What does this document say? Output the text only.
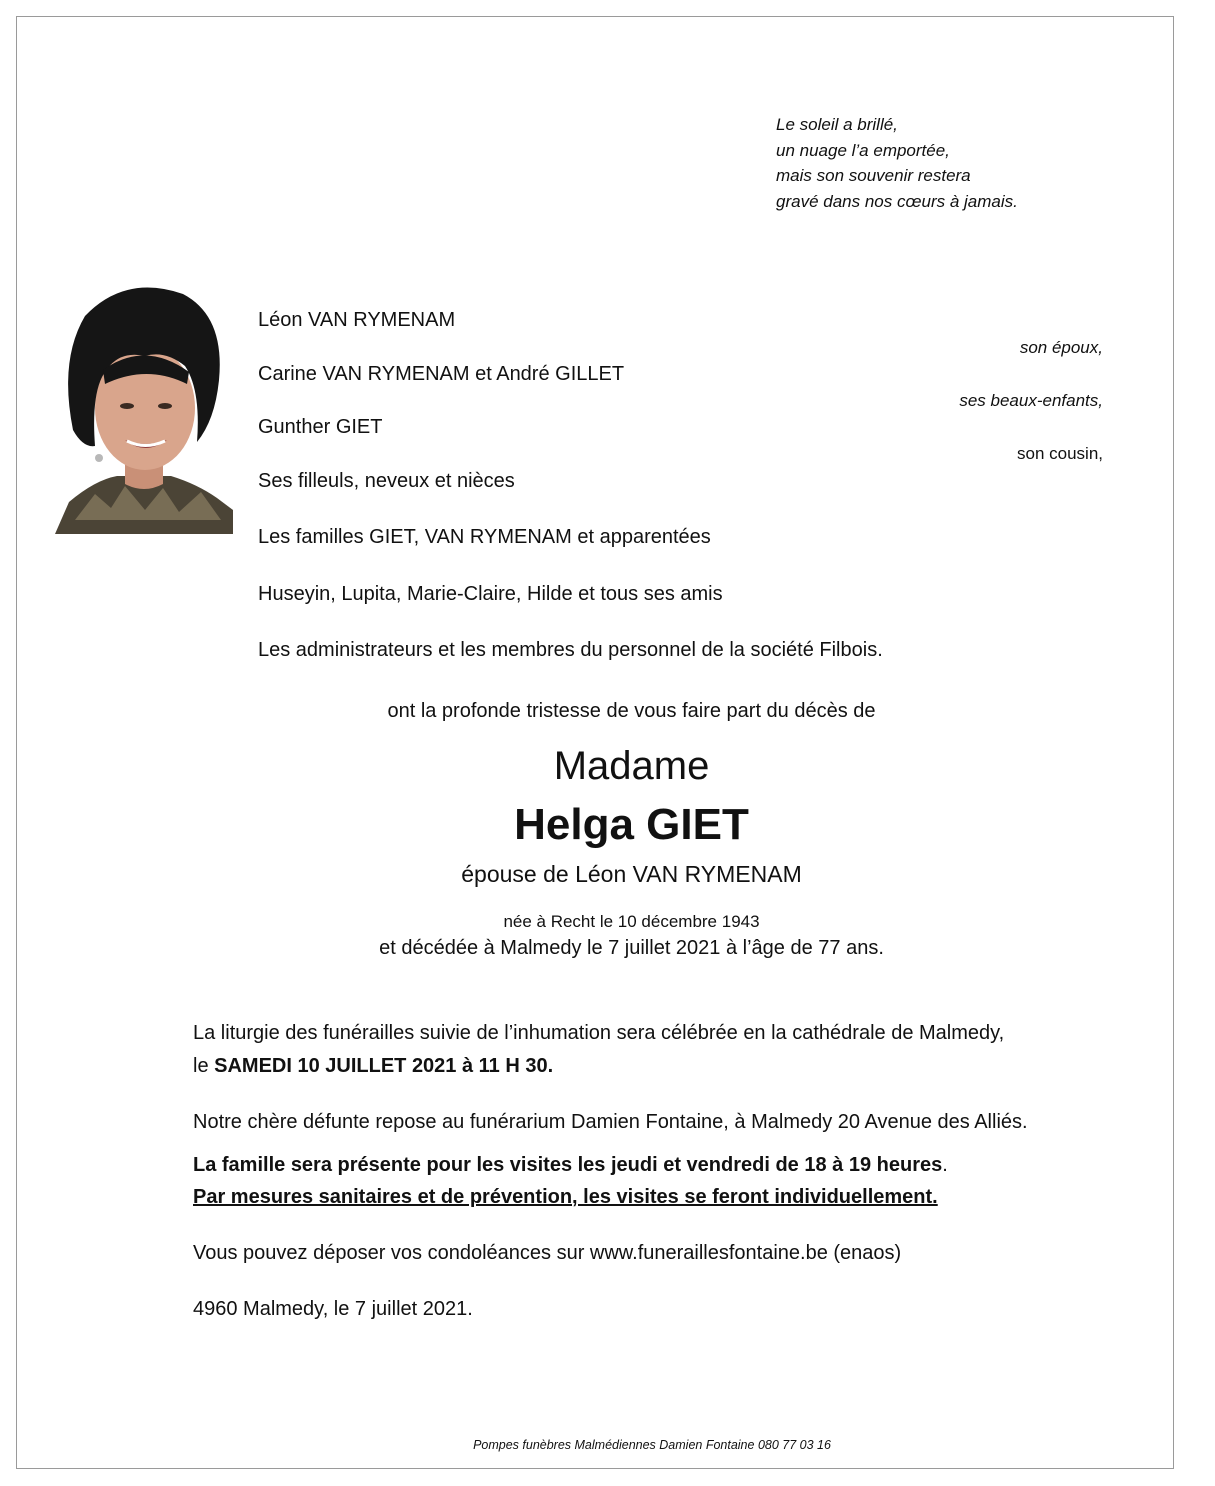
Le soleil a brillé,
un nuage l’a emportée,
mais son souvenir restera
gravé dans nos cœurs à jamais.
Léon VAN RYMENAM
son époux,
Carine VAN RYMENAM et André GILLET
ses beaux-enfants,
Gunther GIET
son cousin,
Ses filleuls, neveux et nièces
Les familles GIET, VAN RYMENAM et apparentées
Huseyin, Lupita, Marie-Claire, Hilde et tous ses amis
Les administrateurs et les membres du personnel de la société Filbois.
ont la profonde tristesse de vous faire part du décès de
Madame
Helga GIET
épouse de Léon VAN RYMENAM
née à Recht le 10 décembre 1943
et décédée à Malmedy le 7 juillet 2021 à l’âge de 77 ans.
La liturgie des funérailles suivie de l’inhumation sera célébrée en la cathédrale de Malmedy,
le SAMEDI 10 JUILLET 2021 à 11 H 30.
Notre chère défunte repose au funérarium Damien Fontaine, à Malmedy 20 Avenue des Alliés.
La famille sera présente pour les visites les jeudi et vendredi de 18 à 19 heures.
Par mesures sanitaires et de prévention, les visites se feront individuellement.
Vous pouvez déposer vos condoléances sur www.funeraillesfontaine.be (enaos)
4960 Malmedy, le 7 juillet 2021.
Pompes funèbres Malmédiennes Damien Fontaine 080 77 03 16
